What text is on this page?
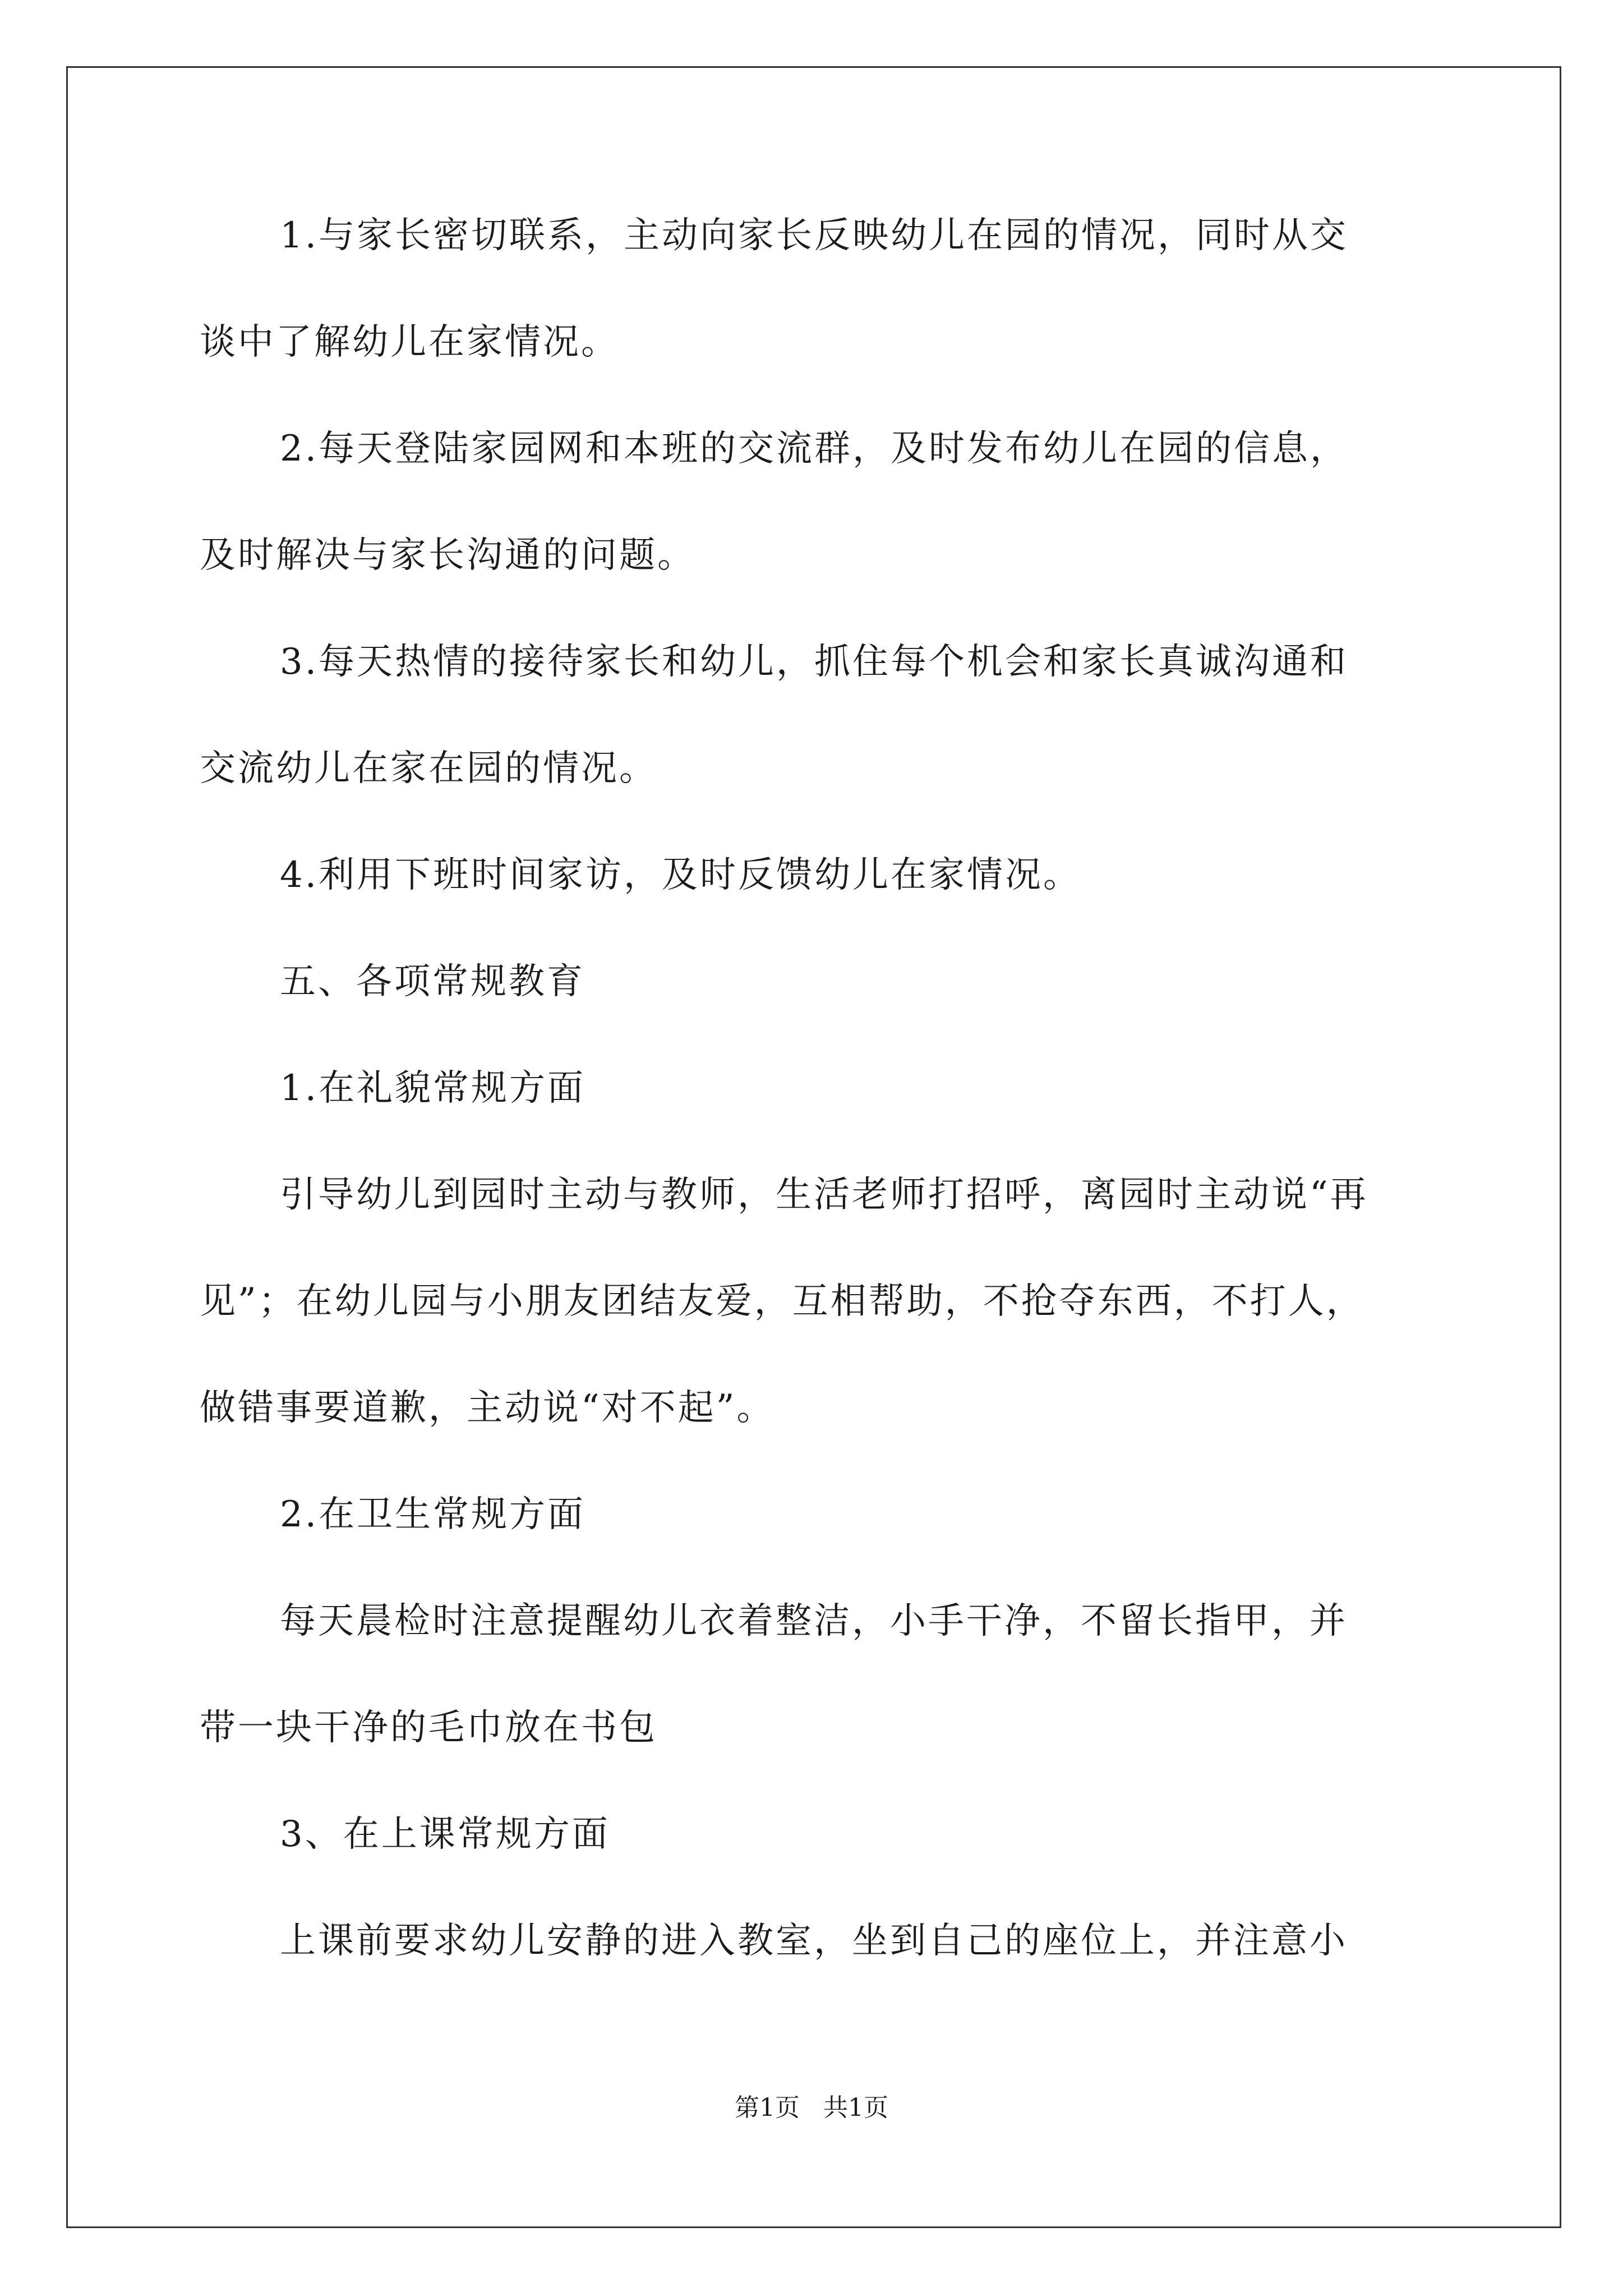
1.与家长密切联系，主动向家长反映幼儿在园的情况，同时从交
谈中了解幼儿在家情况。
2.每天登陆家园网和本班的交流群，及时发布幼儿在园的信息，
及时解决与家长沟通的问题。
3.每天热情的接待家长和幼儿，抓住每个机会和家长真诚沟通和
交流幼儿在家在园的情况。
4.利用下班时间家访，及时反馈幼儿在家情况。
五、各项常规教育
1.在礼貌常规方面
引导幼儿到园时主动与教师，生活老师打招呼，离园时主动说“再
见”；在幼儿园与小朋友团结友爱，互相帮助，不抢夺东西，不打人，
做错事要道歉，主动说“对不起”。
2.在卫生常规方面
每天晨检时注意提醒幼儿衣着整洁，小手干净，不留长指甲，并
带一块干净的毛巾放在书包
3、在上课常规方面
上课前要求幼儿安静的进入教室，坐到自己的座位上，并注意小
第1页 共1页
